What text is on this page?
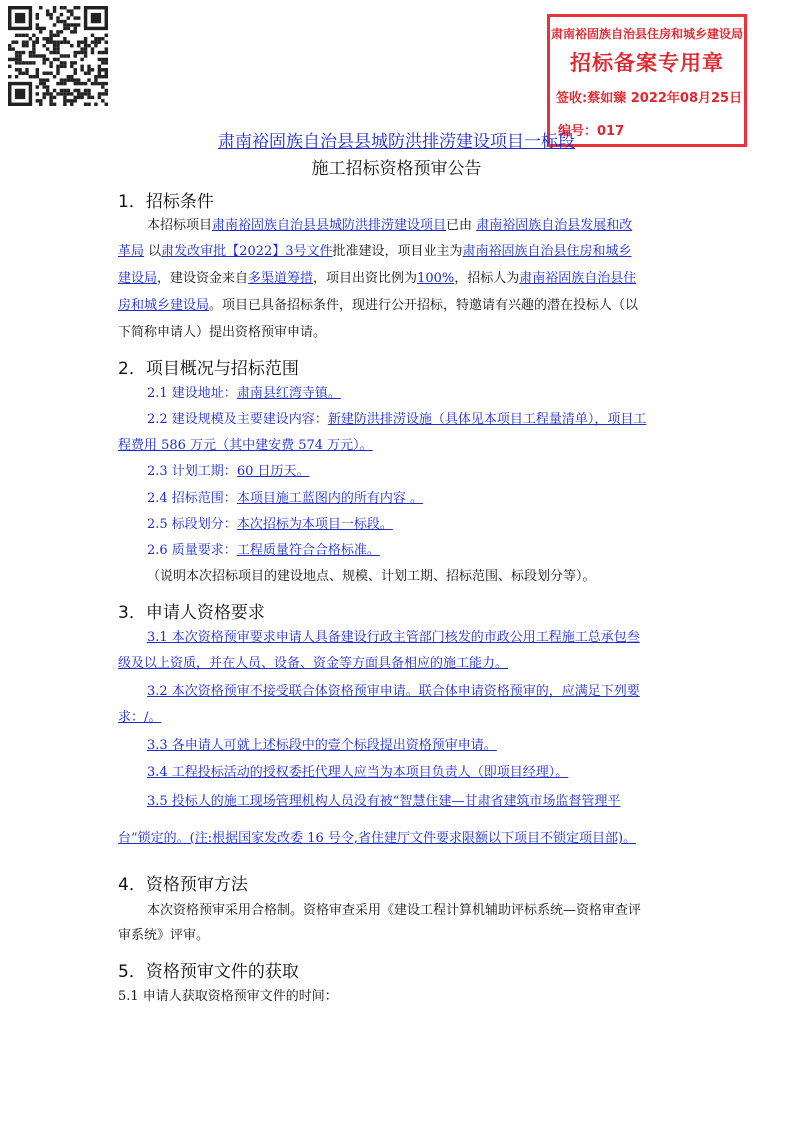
肃南裕固族自治县住房和城乡建设局
招标备案专用章
签收:蔡如臻 2022年08月25日
编号：017
肃南裕固族自治县县城防洪排涝建设项目一标段
施工招标资格预审公告
1．招标条件
本招标项目肃南裕固族自治县县城防洪排涝建设项目已由 肃南裕固族自治县发展和改
革局 以肃发改审批【2022】3号文件批准建设，项目业主为肃南裕固族自治县住房和城乡
建设局，建设资金来自多渠道筹措，项目出资比例为100%，招标人为肃南裕固族自治县住
房和城乡建设局。项目已具备招标条件，现进行公开招标，特邀请有兴趣的潜在投标人（以
下简称申请人）提出资格预审申请。
2．项目概况与招标范围
2.1 建设地址：肃南县红湾寺镇。
2.2 建设规模及主要建设内容：新建防洪排涝设施（具体见本项目工程量清单），项目工
程费用 586 万元（其中建安费 574 万元）。
2.3 计划工期：60 日历天。
2.4 招标范围：本项目施工蓝图内的所有内容 。
2.5 标段划分：本次招标为本项目一标段。
2.6 质量要求：工程质量符合合格标准。
（说明本次招标项目的建设地点、规模、计划工期、招标范围、标段划分等）。
3．申请人资格要求
3.1 本次资格预审要求申请人具备建设行政主管部门核发的市政公用工程施工总承包叁
级及以上资质，并在人员、设备、资金等方面具备相应的施工能力。
3.2 本次资格预审不接受联合体资格预审申请。联合体申请资格预审的，应满足下列要
求：/。
3.3 各申请人可就上述标段中的壹个标段提出资格预审申请。
3.4 工程投标活动的授权委托代理人应当为本项目负责人（即项目经理）。
3.5 投标人的施工现场管理机构人员没有被“智慧住建—甘肃省建筑市场监督管理平
台”锁定的。(注:根据国家发改委 16 号令,省住建厅文件要求限额以下项目不锁定项目部)。
4．资格预审方法
本次资格预审采用合格制。资格审查采用《建设工程计算机辅助评标系统—资格审查评
审系统》评审。
5．资格预审文件的获取
5.1 申请人获取资格预审文件的时间：
